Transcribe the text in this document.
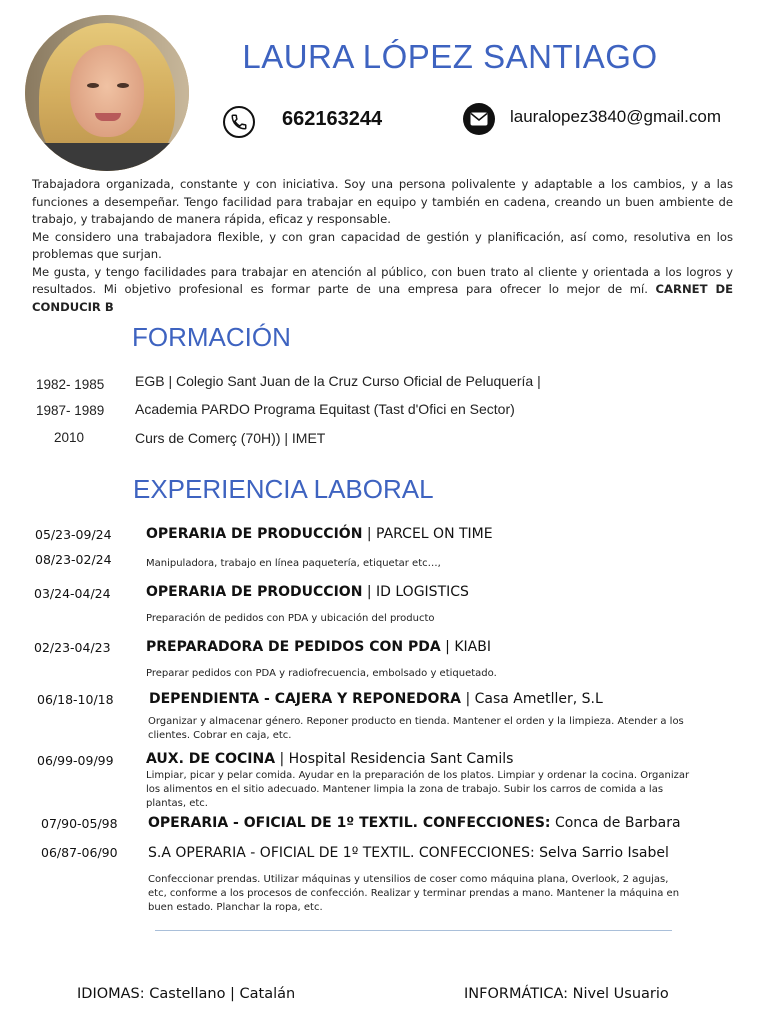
LAURA LÓPEZ SANTIAGO
662163244	lauralopez3840@gmail.com

Trabajadora organizada, constante y con iniciativa. Soy una persona polivalente y adaptable a los cambios, y a las funciones a desempeñar. Tengo facilidad para trabajar en equipo y también en cadena, creando un buen ambiente de trabajo, y trabajando de manera rápida, eficaz y responsable.

Me considero una trabajadora flexible, y con gran capacidad de gestión y planificación, así como, resolutiva en los problemas que surjan.

Me gusta, y tengo facilidades para trabajar en atención al público, con buen trato al cliente y orientada a los logros y resultados. Mi objetivo profesional es formar parte de una empresa para ofrecer lo mejor de mí. CARNET DE CONDUCIR B

FORMACIÓN
1982- 1985 EGB | Colegio Sant Juan de la Cruz Curso Oficial de Peluquería |
1987- 1989 Academia PARDO Programa Equitast (Tast d'Ofici en Sector)
2010	Curs de Comerç (70H)) | IMET
EXPERIENCIA LABORAL
05/23-09/24 OPERARIA DE PRODUCCIÓN | PARCEL ON TIME
08/23-02/24	Manipuladora, trabajo en línea paquetería, etiquetar etc…,
03/24-04/24	OPERARIA DE PRODUCCION | ID LOGISTICS
Preparación de pedidos con PDA y ubicación del producto
02/23-04/23	PREPARADORA DE PEDIDOS CON PDA | KIABI
Preparar pedidos con PDA y radiofrecuencia, embolsado y etiquetado.
06/18-10/18	DEPENDIENTA - CAJERA Y REPONEDORA | Casa Ametller, S.L
Organizar y almacenar género. Reponer producto en tienda. Mantener el orden y la limpieza. Atender a los clientes. Cobrar en caja, etc.
06/99-09/99 AUX. DE COCINA | Hospital Residencia Sant Camils
Limpiar, picar y pelar comida. Ayudar en la preparación de los platos. Limpiar y ordenar la cocina. Organizar los alimentos en el sitio adecuado. Mantener limpia la zona de trabajo. Subir los carros de comida a las plantas, etc.
07/90-05/98 OPERARIA - OFICIAL DE 1º TEXTIL. CONFECCIONES: Conca de Barbara
06/87-06/90 S.A OPERARIA - OFICIAL DE 1º TEXTIL. CONFECCIONES: Selva Sarrio Isabel
Confeccionar prendas. Utilizar máquinas y utensilios de coser como máquina plana, Overlook, 2 agujas, etc, conforme a los procesos de confección. Realizar y terminar prendas a mano. Mantener la máquina en buen estado. Planchar la ropa, etc.
IDIOMAS: Castellano | Catalán	INFORMÁTICA: Nivel Usuario
